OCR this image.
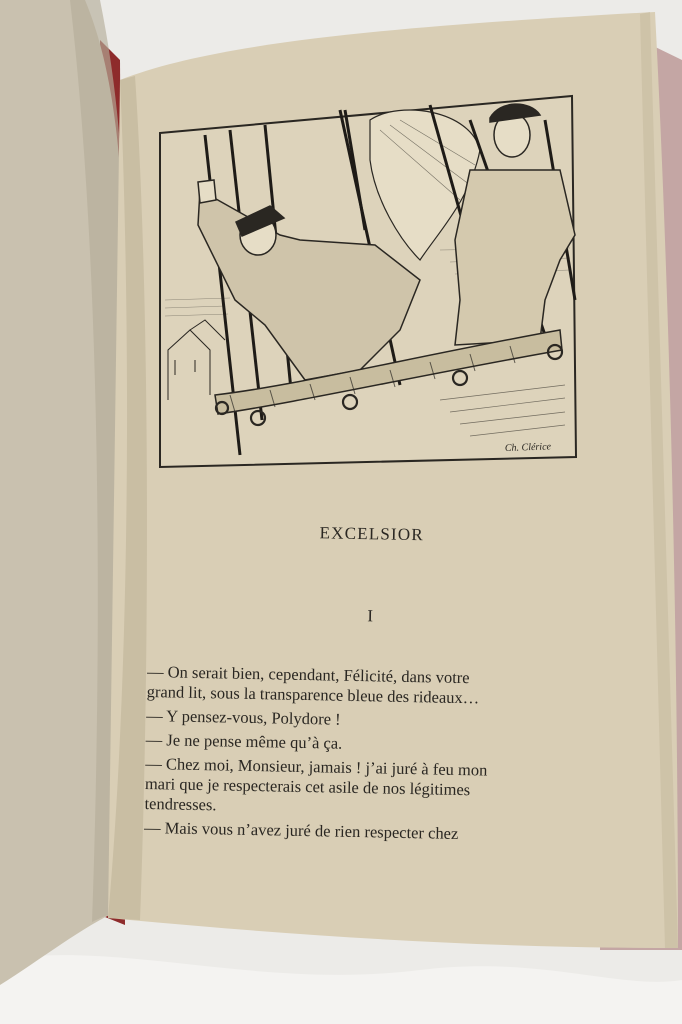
Ch. Clérice
EXCELSIOR
I
— On serait bien, cependant, Félicité, dans votre
grand lit, sous la transparence bleue des rideaux…
— Y pensez-vous, Polydore !
— Je ne pense même qu’à ça.
— Chez moi, Monsieur, jamais ! j’ai juré à feu mon
mari que je respecterais cet asile de nos légitimes
tendresses.
— Mais vous n’avez juré de rien respecter chez
